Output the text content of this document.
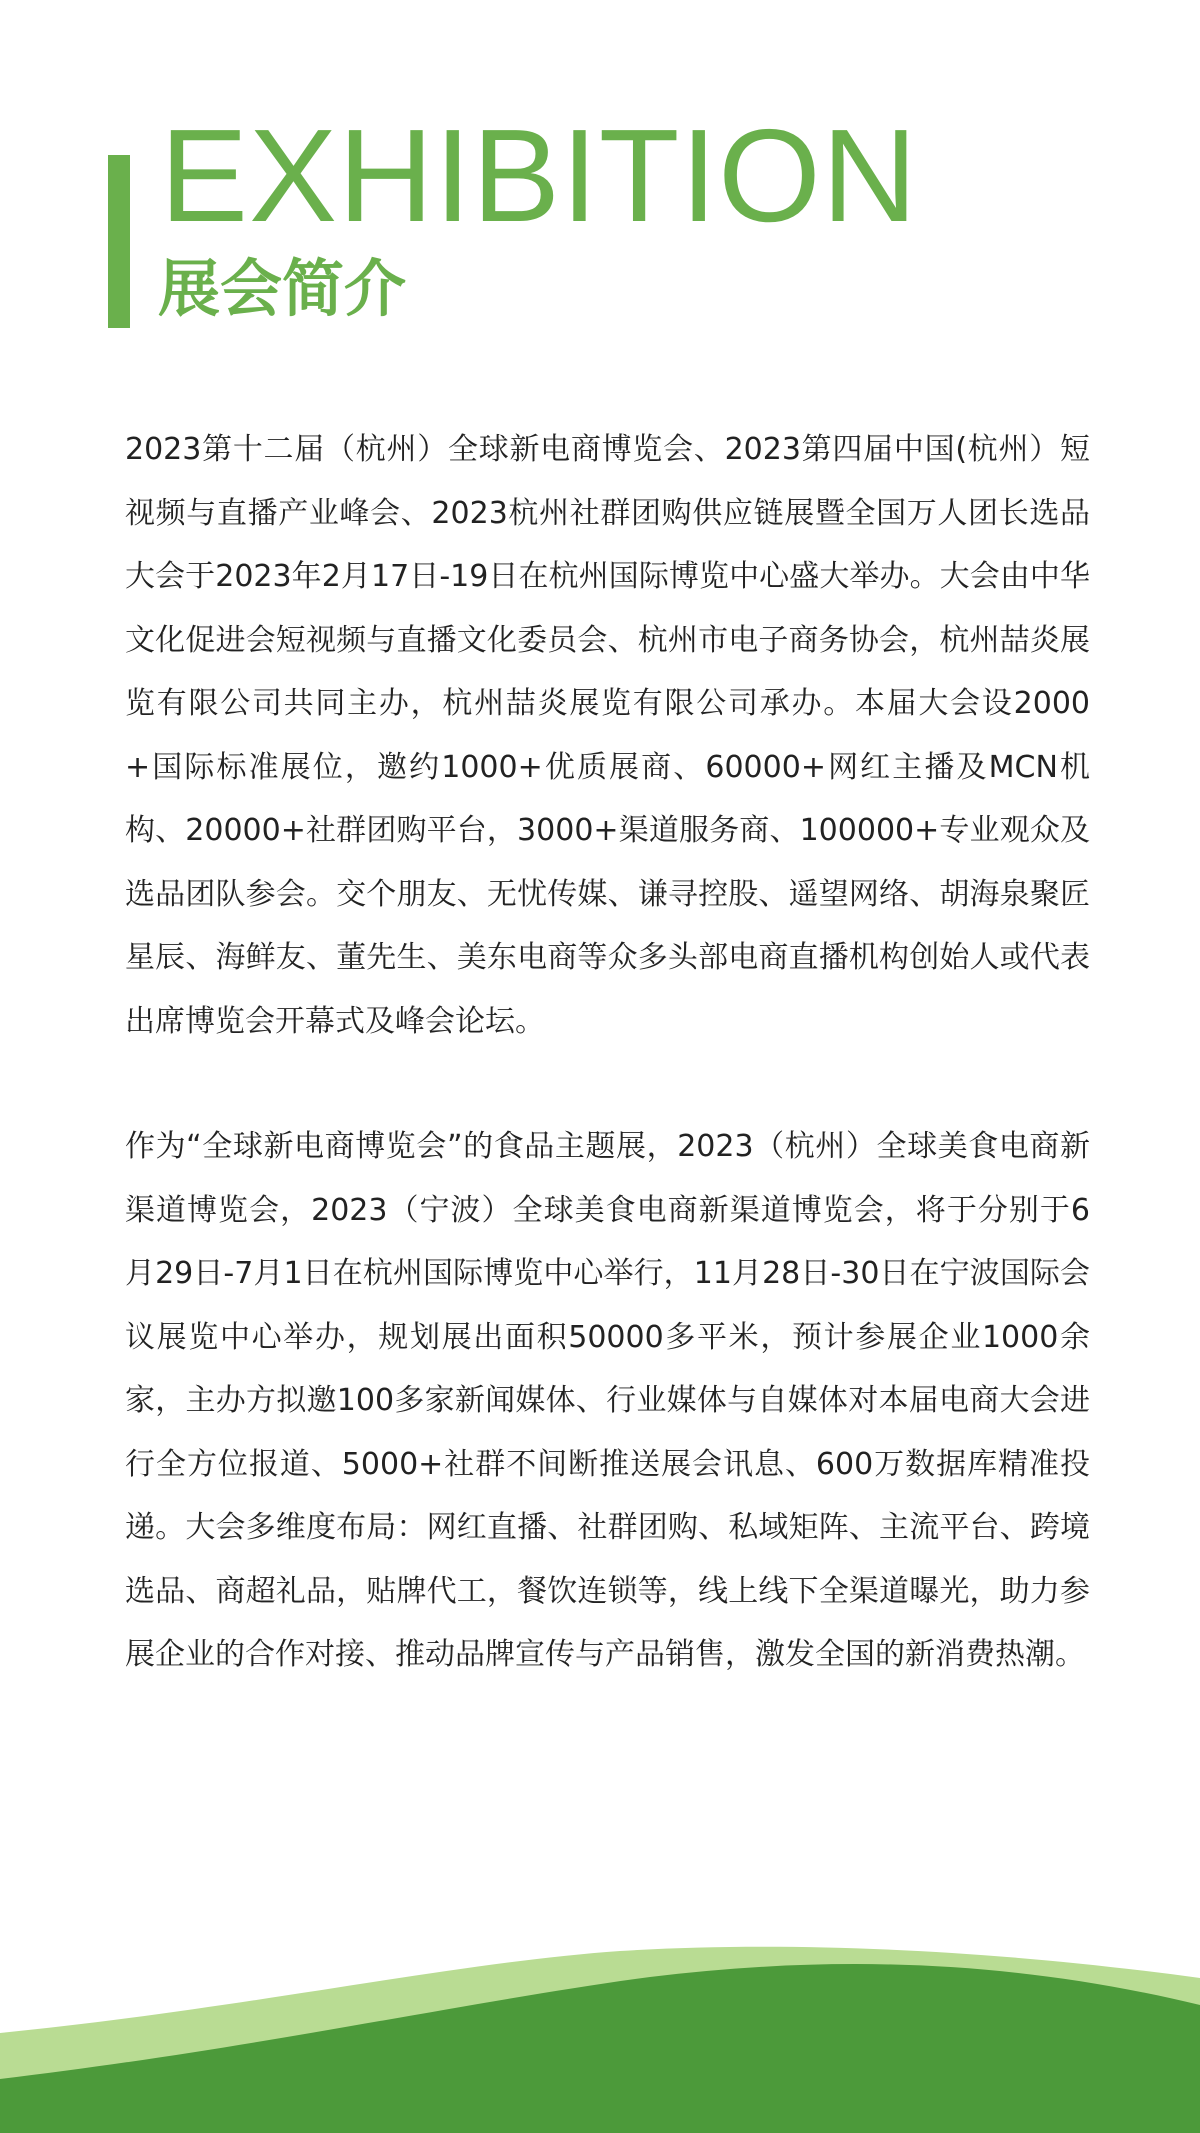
EXHIBITION
展会简介

2023第十二届（杭州）全球新电商博览会、2023第四届中国(杭州）短视频与直播产业峰会、2023杭州社群团购供应链展暨全国万人团长选品大会于2023年2月17日-19日在杭州国际博览中心盛大举办。大会由中华文化促进会短视频与直播文化委员会、杭州市电子商务协会，杭州喆炎展览有限公司共同主办，杭州喆炎展览有限公司承办。本届大会设2000+国际标准展位，邀约1000+优质展商、60000+网红主播及MCN机构、20000+社群团购平台，3000+渠道服务商、100000+专业观众及选品团队参会。交个朋友、无忧传媒、谦寻控股、遥望网络、胡海泉聚匠星辰、海鲜友、董先生、美东电商等众多头部电商直播机构创始人或代表出席博览会开幕式及峰会论坛。

作为“全球新电商博览会”的食品主题展，2023（杭州）全球美食电商新渠道博览会，2023（宁波）全球美食电商新渠道博览会，将于分别于6月29日-7月1日在杭州国际博览中心举行，11月28日-30日在宁波国际会议展览中心举办，规划展出面积50000多平米，预计参展企业1000余家，主办方拟邀100多家新闻媒体、行业媒体与自媒体对本届电商大会进行全方位报道、5000+社群不间断推送展会讯息、600万数据库精准投递。大会多维度布局：网红直播、社群团购、私域矩阵、主流平台、跨境选品、商超礼品，贴牌代工，餐饮连锁等，线上线下全渠道曝光，助力参展企业的合作对接、推动品牌宣传与产品销售，激发全国的新消费热潮。
